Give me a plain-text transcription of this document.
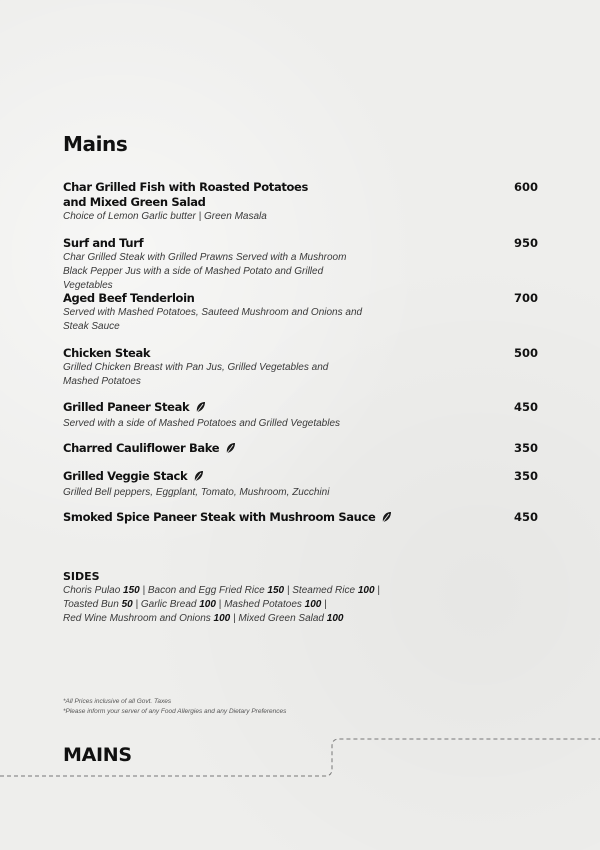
Mains
Char Grilled Fish with Roasted Potatoes and Mixed Green Salad
600
Choice of Lemon Garlic butter | Green Masala
Surf and Turf	950
Char Grilled Steak with Grilled Prawns Served with a Mushroom Black Pepper Jus with a side of Mashed Potato and Grilled Vegetables
Aged Beef Tenderloin	700
Served with Mashed Potatoes, Sauteed Mushroom and Onions and Steak Sauce
Chicken Steak	500
Grilled Chicken Breast with Pan Jus, Grilled Vegetables and Mashed Potatoes
Grilled Paneer Steak	450
Served with a side of Mashed Potatoes and Grilled Vegetables
Charred Cauliflower Bake	350
Grilled Veggie Stack	350
Grilled Bell peppers, Eggplant, Tomato, Mushroom, Zucchini
Smoked Spice Paneer Steak with Mushroom Sauce	450
SIDES
Choris Pulao 150 | Bacon and Egg Fried Rice 150 | Steamed Rice 100 |
Toasted Bun 50 | Garlic Bread 100 | Mashed Potatoes 100 |
Red Wine Mushroom and Onions 100 | Mixed Green Salad 100
*All Prices inclusive of all Govt. Taxes
*Please inform your server of any Food Allergies and any Dietary Preferences
MAINS
